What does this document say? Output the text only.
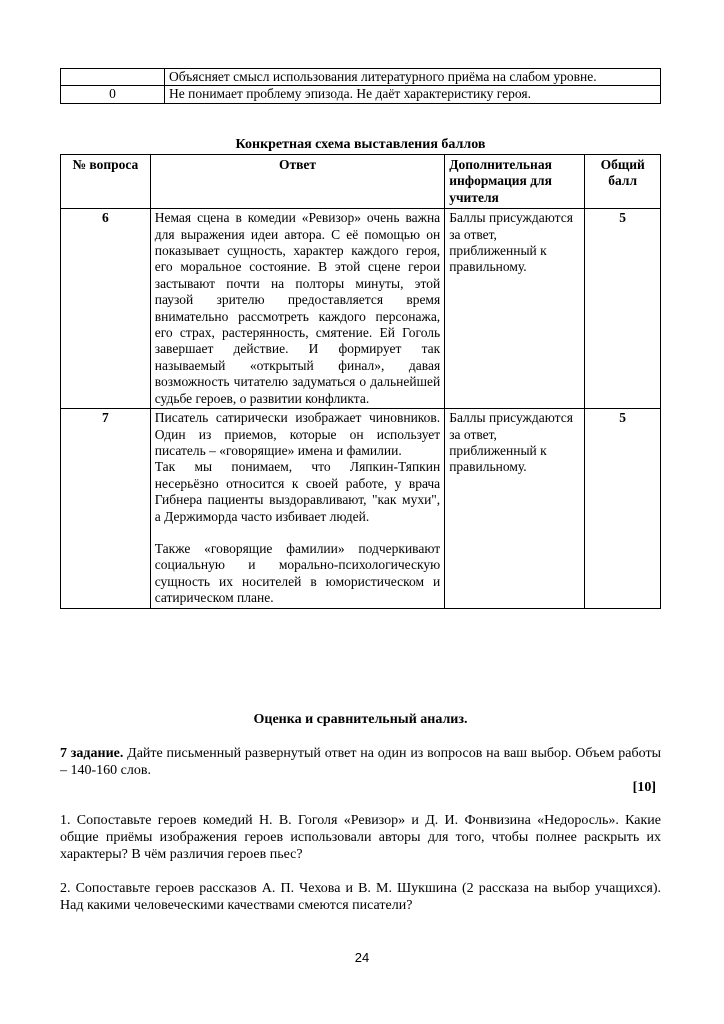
	Объясняет смысл использования литературного приёма на слабом уровне.
0	Не понимает проблему эпизода. Не даёт характеристику героя.
Конкретная схема выставления баллов
№ вопроса	Ответ	Дополнительная информация для учителя	Общий балл
6	Немая сцена в комедии «Ревизор» очень важна для выражения идеи автора. С её помощью он показывает сущность, характер каждого героя, его моральное состояние. В этой сцене герои застывают почти на полторы минуты, этой паузой зрителю предоставляется время внимательно рассмотреть каждого персонажа, его страх, растерянность, смятение. Ей Гоголь завершает действие. И формирует так называемый «открытый финал», давая возможность читателю задуматься о дальнейшей судьбе героев, о развитии конфликта.	Баллы присуждаются за ответ, приближенный к правильному.	5
7	Писатель сатирически изображает чиновников. Один из приемов, которые он использует писатель – «говорящие» имена и фамилии.
Так мы понимаем, что Ляпкин-Тяпкин несерьёзно относится к своей работе, у врача Гибнера пациенты выздоравливают, "как мухи", а Держиморда часто избивает людей.
Также «говорящие фамилии» подчеркивают социальную и морально-психологическую сущность их носителей в юмористическом и сатирическом плане.	Баллы присуждаются за ответ, приближенный к правильному.	5
Оценка и сравнительный анализ.
7 задание. Дайте письменный развернутый ответ на один из вопросов на ваш выбор. Объем работы – 140-160 слов.
[10]
1. Сопоставьте героев комедий Н. В. Гоголя «Ревизор» и Д. И. Фонвизина «Недоросль». Какие общие приёмы изображения героев использовали авторы для того, чтобы полнее раскрыть их характеры? В чём различия героев пьес?
2. Сопоставьте героев рассказов А. П. Чехова и В. М. Шукшина (2 рассказа на выбор учащихся). Над какими человеческими качествами смеются писатели?
24
